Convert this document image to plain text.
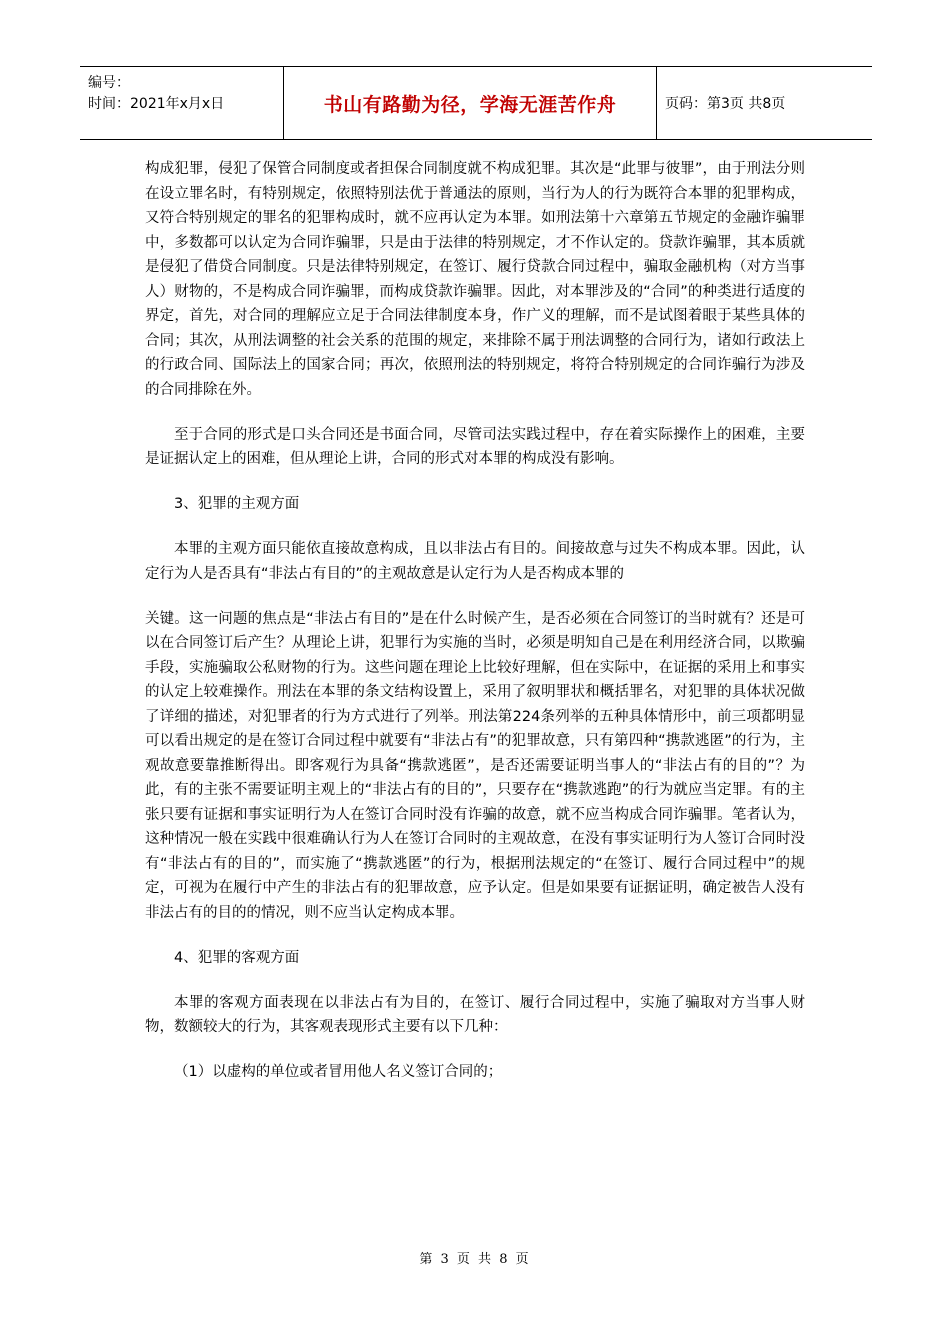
编号：
时间：2021年x月x日	书山有路勤为径，学海无涯苦作舟	页码：第3页 共8页

构成犯罪，侵犯了保管合同制度或者担保合同制度就不构成犯罪。其次是“此罪与彼罪”，由于刑法分则在设立罪名时，有特别规定，依照特别法优于普通法的原则，当行为人的行为既符合本罪的犯罪构成，又符合特别规定的罪名的犯罪构成时，就不应再认定为本罪。如刑法第十六章第五节规定的金融诈骗罪中，多数都可以认定为合同诈骗罪，只是由于法律的特别规定，才不作认定的。贷款诈骗罪，其本质就是侵犯了借贷合同制度。只是法律特别规定，在签订、履行贷款合同过程中，骗取金融机构（对方当事人）财物的，不是构成合同诈骗罪，而构成贷款诈骗罪。因此，对本罪涉及的“合同”的种类进行适度的界定，首先，对合同的理解应立足于合同法律制度本身，作广义的理解，而不是试图着眼于某些具体的合同；其次，从刑法调整的社会关系的范围的规定，来排除不属于刑法调整的合同行为，诸如行政法上的行政合同、国际法上的国家合同；再次，依照刑法的特别规定，将符合特别规定的合同诈骗行为涉及的合同排除在外。

至于合同的形式是口头合同还是书面合同，尽管司法实践过程中，存在着实际操作上的困难，主要是证据认定上的困难，但从理论上讲，合同的形式对本罪的构成没有影响。

3、犯罪的主观方面

本罪的主观方面只能依直接故意构成，且以非法占有目的。间接故意与过失不构成本罪。因此，认定行为人是否具有“非法占有目的”的主观故意是认定行为人是否构成本罪的

关键。这一问题的焦点是“非法占有目的”是在什么时候产生，是否必须在合同签订的当时就有？还是可以在合同签订后产生？从理论上讲，犯罪行为实施的当时，必须是明知自己是在利用经济合同，以欺骗手段，实施骗取公私财物的行为。这些问题在理论上比较好理解，但在实际中，在证据的采用上和事实的认定上较难操作。刑法在本罪的条文结构设置上，采用了叙明罪状和概括罪名，对犯罪的具体状况做了详细的描述，对犯罪者的行为方式进行了列举。刑法第224条列举的五种具体情形中，前三项都明显可以看出规定的是在签订合同过程中就要有“非法占有”的犯罪故意，只有第四种“携款逃匿”的行为，主观故意要靠推断得出。即客观行为具备“携款逃匿”，是否还需要证明当事人的“非法占有的目的”？为此，有的主张不需要证明主观上的“非法占有的目的”，只要存在“携款逃跑”的行为就应当定罪。有的主张只要有证据和事实证明行为人在签订合同时没有诈骗的故意，就不应当构成合同诈骗罪。笔者认为，这种情况一般在实践中很难确认行为人在签订合同时的主观故意，在没有事实证明行为人签订合同时没有“非法占有的目的”，而实施了“携款逃匿”的行为，根据刑法规定的“在签订、履行合同过程中”的规定，可视为在履行中产生的非法占有的犯罪故意，应予认定。但是如果要有证据证明，确定被告人没有非法占有的目的的情况，则不应当认定构成本罪。

4、犯罪的客观方面

本罪的客观方面表现在以非法占有为目的，在签订、履行合同过程中，实施了骗取对方当事人财物，数额较大的行为，其客观表现形式主要有以下几种：

（1）以虚构的单位或者冒用他人名义签订合同的；

第 3 页 共 8 页
